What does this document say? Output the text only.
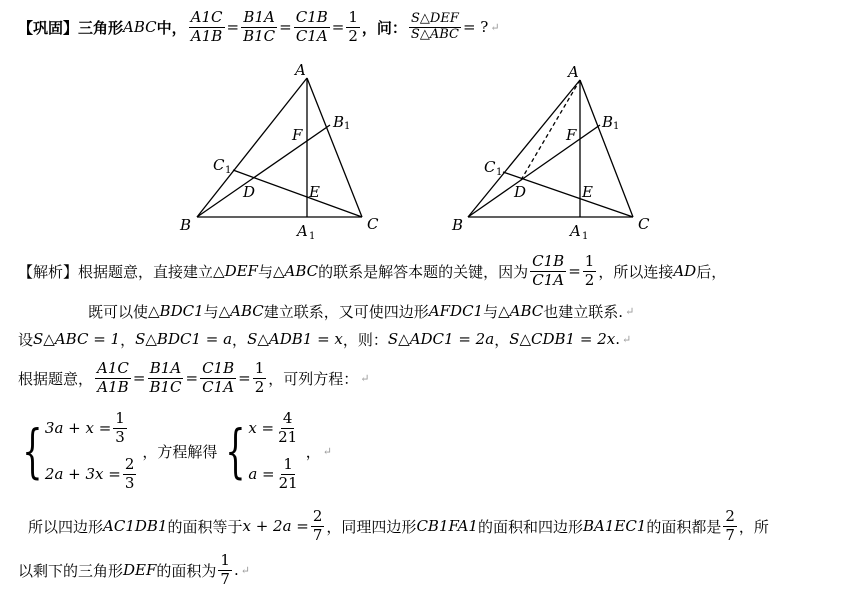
【巩固】 三角形 ABC 中， $\frac{A1C}{A1B} = \frac{B1A}{B1C} = \frac{C1B}{C1A} = \frac{1}{2}$ ，问： $\frac{\text{S△DEF}}{\text{S△ABC}}$ = ? ↵
A
B	C
A 1
B 1
C 1
D	E
F
A
B	C
A 1
B 1
C 1
D	E
F
【解析】 根据题意，直接建立 △DEF 与 △ABC 的联系是解答本题的关键，因为 $\frac{C1B}{C1A} = \frac{1}{2}$ ，所以连接 AD 后，
既可以使 △BDC1 与 △ABC 建立联系，又可使四边形 AFDC1 与 △ABC 也建立联系. ↵
设 S△ABC = 1 ， S△BDC1 = a ， S△ADB1 = x ，则： S△ADC1 = 2a ， S△CDB1 = 2x . ↵
根据题意， $\frac{A1C}{A1B} = \frac{B1A}{B1C} = \frac{C1B}{C1A} = \frac{1}{2}$ ，可列方程： ↵
{ $3a + x = \frac{1}{3}$
$2a + 3x = \frac{2}{3}$
，方程解得 { $x = \frac{4}{21}$
$a = \frac{1}{21}$
， ↵
所以四边形 AC1DB1 的面积等于 $x + 2a = \frac{2}{7}$ ，同理四边形 CB1FA1 的面积和四边形 BA1EC1 的面积都是 $\frac{2}{7}$ ，所
以剩下的三角形 DEF 的面积为 $\frac{1}{7}$ . ↵
